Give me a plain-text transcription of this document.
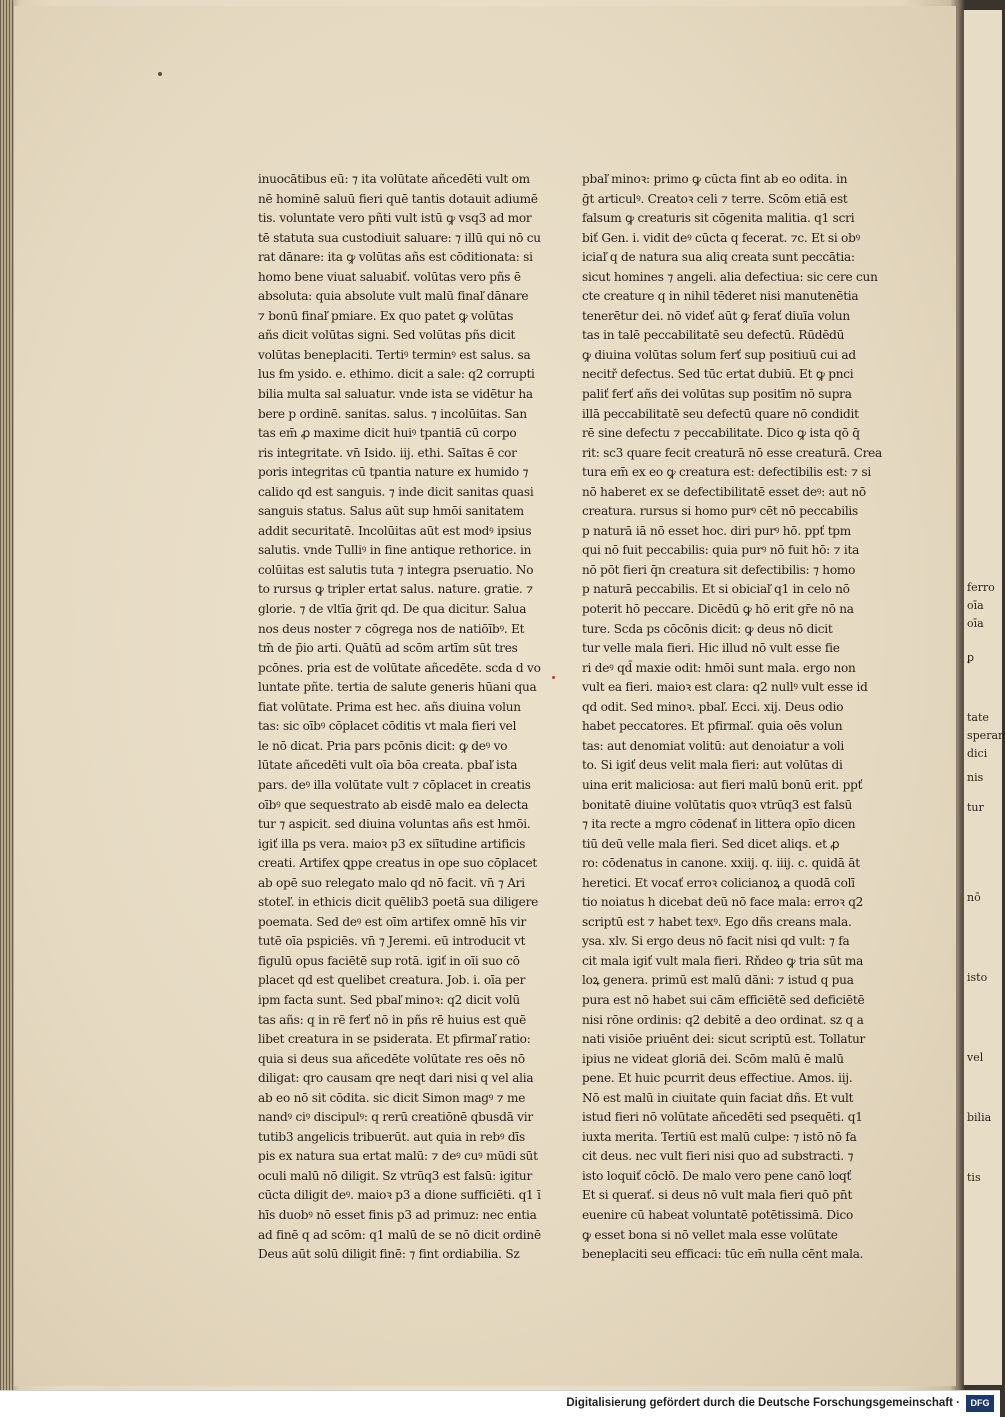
ferro
oīa
oīa
ꝑ
tate
speran
dici
nis
tur
nō
isto
vel
bilia
tis
inuocātibus eū: ⁊ ita volūtate añcedēti vult om
nē hominē saluū fieri quē tantis dotauit adiumē
tis. voluntate vero pñti vult istū ꝙ vsq3 ad mor
tē statuta sua custodiuit saluare: ⁊ illū qui nō cu
rat dānare: ita ꝙ volūtas añs est cōditionata: si
homo bene viuat saluabiť. volūtas vero pñs ē
absoluta: quia absolute vult malū finaľ dānare
⁊ bonū finaľ pmiare. Ex quo patet ꝙ volūtas
añs dicit volūtas signi. Sed volūtas pñs dicit
volūtas beneplaciti. Tertiꝰ terminꝰ est salus. sa
lus ẜm ysido. e. ethimo. dicit a sale: q2 corrupti
bilia multa sal saluatur. vnde ista se vidētur ha
bere p ordinē. sanitas. salus. ⁊ incolūitas. San
tas em̄ ꝓ maxime dicit huiꝰ tpantiā cū corpo
ris integritate. vn̄ Isido. iij. ethi. Saītas ē cor
poris integritas cū tpantia nature ex humido ⁊
calido qd est sanguis. ⁊ inde dicit sanitas quasi
sanguis status. Salus aūt sup hmōi sanitatem
addit securitatē. Incolūitas aūt est modꝰ ipsius
salutis. vnde Tulliꝰ in fine antique rethorice. in
colūitas est salutis tuta ⁊ integra pseruatio. No
to rursus ꝙ tripler ertat salus. nature. gratie. ⁊
glorie. ⁊ de vltīa ḡrit qd. De qua dicitur. Salua
nos deus noster ⁊ cōgrega nos de natiōībꝰ. Et
tm̄ de p̄io arti. Quātū ad scōm artīm sūt tres
pcōnes. pria est de volūtate añcedēte. scda d vo
luntate pñte. tertia de salute generis hūani qua
fiat volūtate. Prima est hec. añs diuina volun
tas: sic oībꝰ cōplacet cōditis vt mala fieri vel
le nō dicat. Pria pars pcōnis dicit: ꝙ deꝰ vo
lūtate añcedēti vult oīa bōa creata. pbaľ ista
pars. deꝰ illa volūtate vult ⁊ cōplacet in creatis
oībꝰ que sequestrato ab eisdē malo ea delecta
tur ⁊ aspicit. sed diuina voluntas añs est hmōi.
igiť illa ps vera. maioꝛ p3 ex siītudine artificis
creati. Artifex ꝗppe creatus in ope suo cōplacet
ab opē suo relegato malo qd nō facit. vn̄ ⁊ Ari
stoteľ. in ethicis dicit quēlib3 poetā sua diligere
poemata. Sed deꝰ est oīm artifex omnē hīs vir
tutē oīa pspiciēs. vn̄ ⁊ Jeremi. eū introducit vt
figulū opus faciētē sup rotā. igiť in oīi suo cō
placet qd est quelibet creatura. Job. i. oīa per
ipm facta sunt. Sed pbaľ minoꝛ: q2 dicit volū
tas añs: q in rē ferť nō in pñs rē huius est quē
libet creatura in se psiderata. Et pfirmaľ ratio:
quia si deus sua añcedēte volūtate res oēs nō
diligat: qro causam qre neqt dari nisi q vel alia
ab eo nō sit cōdita. sic dicit Simon magꝰ ⁊ me
nandꝰ ciꝰ discipulꝰ: q rerū creatiōnē qbusdā vir
tutib3 angelicis tribuerūt. aut quia in rebꝰ dīs
pis ex natura sua ertat malū: ⁊ deꝰ cuꝰ mūdi sūt
oculi malū nō diligit. Sz vtrūq3 est falsū: igitur
cūcta diligit deꝰ. maioꝛ p3 a dione sufficiēti. q1 ī
hīs duobꝰ nō esset finis p3 ad primuz: nec entia
ad finē q ad scōm: q1 malū de se nō dicit ordinē
Deus aūt solū diligit finē: ⁊ fint ordiabilia. Sz
pbaľ minoꝛ: primo ꝙ cūcta fint ab eo odita. in
ḡt articulꝰ. Creatoꝛ celi ⁊ terre. Scōm etiā est
falsum ꝙ creaturis sit cōgenita malitia. q1 scri
biť Gen. i. vidit deꝰ cūcta q fecerat. ⁊c. Et si obꝰ
iciaľ q de natura sua aliq creata sunt peccātia:
sicut homines ⁊ angeli. alia defectiua: sic cere cun
cte creature q in nihil tēderet nisi manutenētia
tenerētur dei. nō videť aūt ꝙ ferať diuīa volun
tas in talē peccabilitatē seu defectū. Rūdēdū
ꝙ diuina volūtas solum ferť sup positiuū cui ad
necitř defectus. Sed tūc ertat dubiū. Et ꝙ pnci
paliť ferť añs dei volūtas sup positīm nō supra
illā peccabilitatē seu defectū quare nō condidit
rē sine defectu ⁊ peccabilitate. Dico ꝙ ista qō q̄
rit: sc3 quare fecit creaturā nō esse creaturā. Crea
tura em̄ ex eo ꝙ creatura est: defectibilis est: ⁊ si
nō haberet ex se defectibilitatē esset deꝰ: aut nō
creatura. rursus si homo purꝰ cēt nō peccabilis
p naturā iā nō esset hoc. diri purꝰ hō. ppť tpm
qui nō fuit peccabilis: quia purꝰ nō fuit hō: ⁊ ita
nō pōt fieri q̄n creatura sit defectibilis: ⁊ homo
p naturā peccabilis. Et si obiciaľ q1 in celo nō
poterit hō peccare. Dicēdū ꝙ hō erit gr̄e nō na
ture. Scda ps cōcōnis dicit: ꝙ deus nō dicit
tur velle mala fieri. Hic illud nō vult esse fie
ri deꝰ qd̄ maxie odit: hmōi sunt mala. ergo non
vult ea fieri. maioꝛ est clara: q2 nullꝰ vult esse id
qd odit. Sed minoꝛ. pbaľ. Ecci. xij. Deus odio
habet peccatores. Et pfirmaľ. quia oēs volun
tas: aut denomiat volitū: aut denoiatur a voli
to. Si igiť deus velit mala fieri: aut volūtas di
uina erit maliciosa: aut fieri malū bonū erit. ppť
bonitatē diuine volūtatis quoꝛ vtrūq3 est falsū
⁊ ita recte a mgro cōdenať in littera opīo dicen
tiū deū velle mala fieri. Sed dicet aliqs. et ꝓ
ro: cōdenatus in canone. xxiij. q. iiij. c. quidā āt
heretici. Et vocať erroꝛ colicianoꝝ a quodā colī
tio noiatus h dicebat deū nō face mala: erroꝛ q2
scriptū est ⁊ habet texꝰ. Ego dñs creans mala.
ysa. xlv. Si ergo deus nō facit nisi qd vult: ⁊ fa
cit mala igiť vult mala fieri. Rňdeo ꝙ tria sūt ma
loꝝ genera. primū est malū dāni: ⁊ istud q pua
pura est nō habet sui cām efficiētē sed deficiētē
nisi rōne ordinis: q2 debitē a deo ordinat. sz q a
nati visiōe priuēnt dei: sicut scriptū est. Tollatur
ipius ne videat gloriā dei. Scōm malū ē malū
pene. Et huic pcurrit deus effectiue. Amos. iij.
Nō est malū in ciuitate quin faciat dñs. Et vult
istud fieri nō volūtate añcedēti sed psequēti. q1
iuxta merita. Tertiū est malū culpe: ⁊ istō nō fa
cit deus. nec vult fieri nisi quo ad substracti. ⁊
isto loquiť cōcłō. De malo vero pene canō loqť
Et si querať. si deus nō vult mala fieri quō pn̄t
euenire cū habeat voluntatē potētissimā. Dico
ꝙ esset bona si nō vellet mala esse volūtate
beneplaciti seu efficaci: tūc em̄ nulla cēnt mala.
Digitalisierung gefördert durch die Deutsche Forschungsgemeinschaft ·	DFG
